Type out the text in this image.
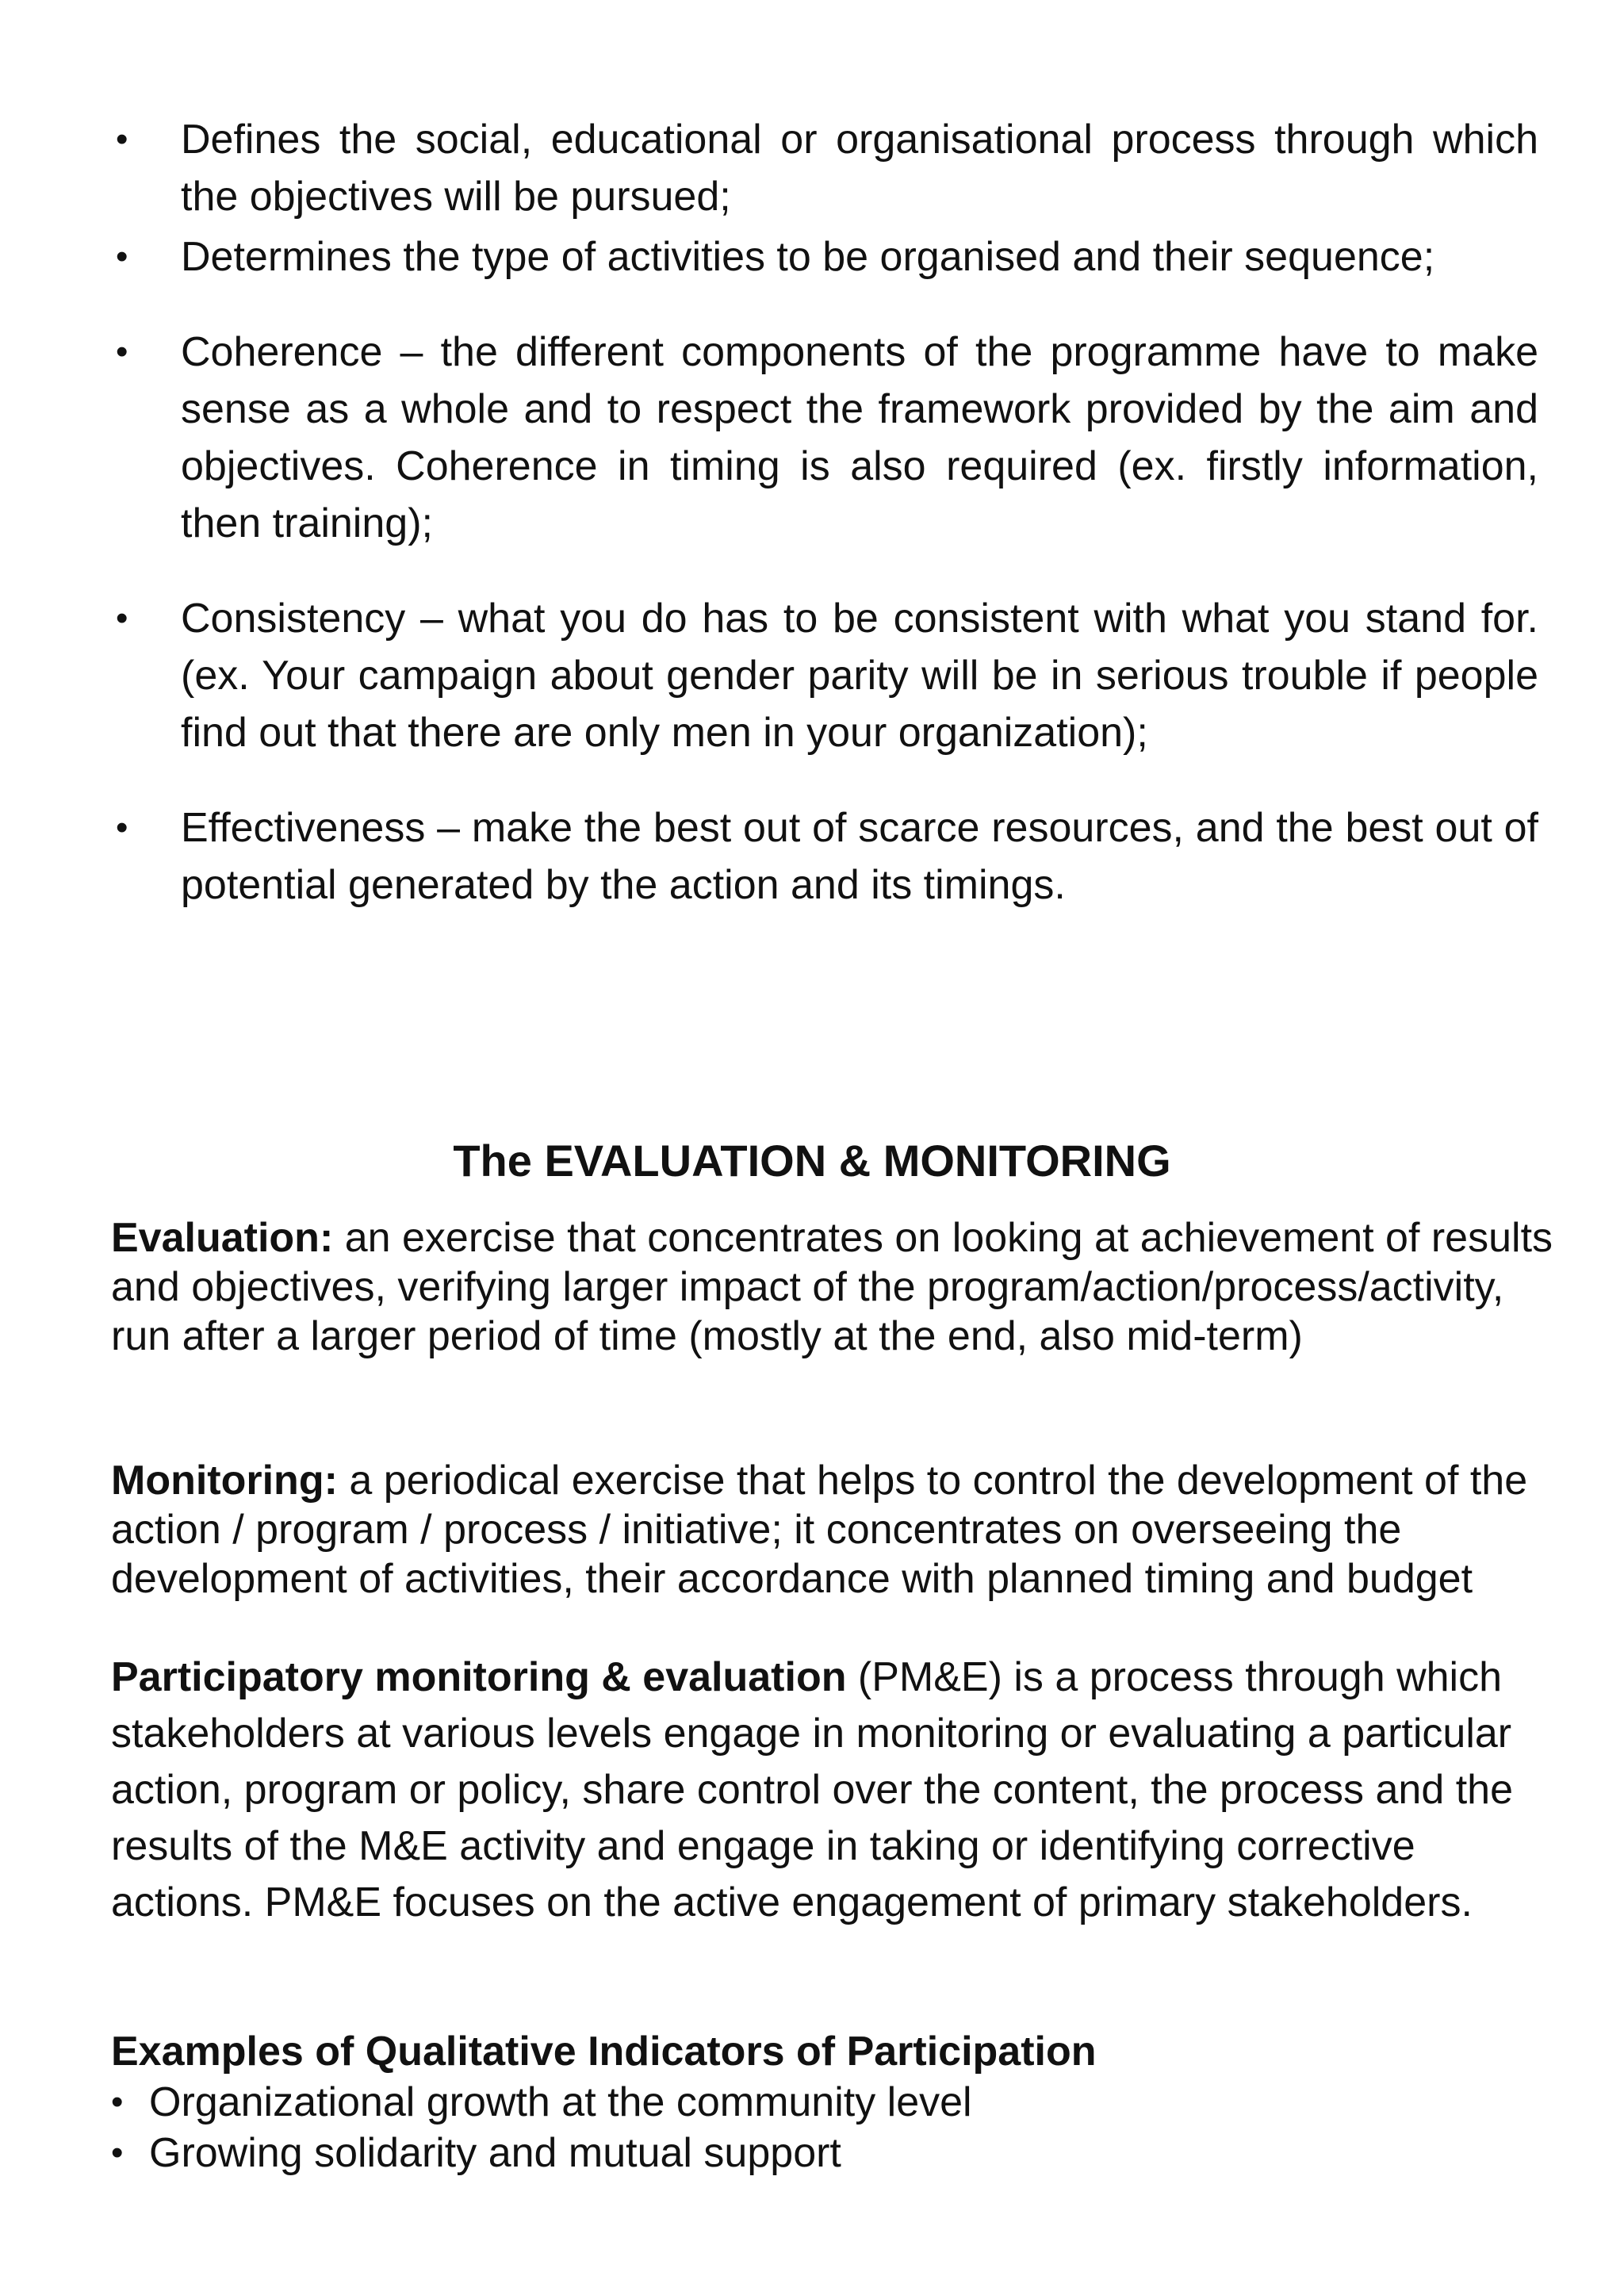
•	Defines the social, educational or organisational process through which the objectives will be pursued;
•	Determines the type of activities to be organised and their sequence;
•	Coherence – the different components of the programme have to make sense as a whole and to respect the framework provided by the aim and objectives. Coherence in timing is also required (ex. firstly information, then training);
•	Consistency – what you do has to be consistent with what you stand for. (ex. Your campaign about gender parity will be in serious trouble if people find out that there are only men in your organization);
•	Effectiveness – make the best out of scarce resources, and the best out of potential generated by the action and its timings.
The EVALUATION & MONITORING

Evaluation: an exercise that concentrates on looking at achievement of results and objectives, verifying larger impact of the program/action/process/activity, run after a larger period of time (mostly at the end, also mid-term)

Monitoring: a periodical exercise that helps to control the development of the action / program / process / initiative; it concentrates on overseeing the development of activities, their accordance with planned timing and budget

Participatory monitoring & evaluation (PM&E) is a process through which stakeholders at various levels engage in monitoring or evaluating a particular action, program or policy, share control over the content, the process and the results of the M&E activity and engage in taking or identifying corrective actions. PM&E focuses on the active engagement of primary stakeholders.

Examples of Qualitative Indicators of Participation
• Organizational growth at the community level
• Growing solidarity and mutual support
